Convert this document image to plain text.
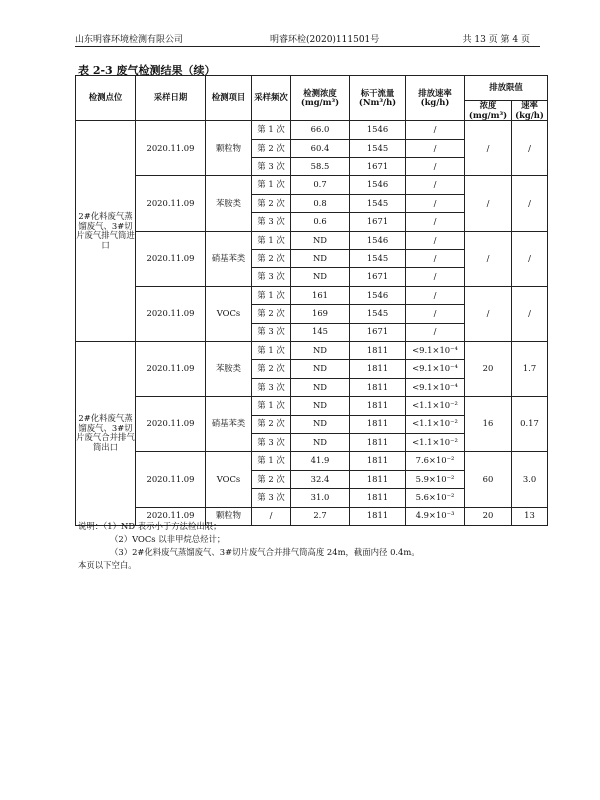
山东明睿环境检测有限公司	明睿环检(2020)111501号	共 13 页 第 4 页
表 2-3 废气检测结果（续）
检测点位	采样日期	检测项目	采样频次	检测浓度(mg/m³)	标干流量(Nm³/h)	排放速率(kg/h)	排放限值	
							浓度(mg/m³)	速率(kg/h)
2#化料废气蒸馏废气、3#切片废气排气筒进口	2020.11.09	颗粒物	第 1 次	66.0	1546	/	/	/
			第 2 次	60.4	1545	/		
			第 3 次	58.5	1671	/		
	2020.11.09	苯胺类	第 1 次	0.7	1546	/	/	/
			第 2 次	0.8	1545	/		
			第 3 次	0.6	1671	/		
	2020.11.09	硝基苯类	第 1 次	ND	1546	/	/	/
			第 2 次	ND	1545	/		
			第 3 次	ND	1671	/		
	2020.11.09	VOCs	第 1 次	161	1546	/	/	/
			第 2 次	169	1545	/		
			第 3 次	145	1671	/		
2#化料废气蒸馏废气、3#切片废气合并排气筒出口	2020.11.09	苯胺类	第 1 次	ND	1811	<9.1×10⁻⁴	20	1.7
			第 2 次	ND	1811	<9.1×10⁻⁴		
			第 3 次	ND	1811	<9.1×10⁻⁴		
	2020.11.09	硝基苯类	第 1 次	ND	1811	<1.1×10⁻²	16	0.17
			第 2 次	ND	1811	<1.1×10⁻²		
			第 3 次	ND	1811	<1.1×10⁻²		
	2020.11.09	VOCs	第 1 次	41.9	1811	7.6×10⁻²	60	3.0
			第 2 次	32.4	1811	5.9×10⁻²		
			第 3 次	31.0	1811	5.6×10⁻²		
	2020.11.09	颗粒物	/	2.7	1811	4.9×10⁻³	20	13
说明：（1）ND 表示小于方法检出限；
（2）VOCs 以非甲烷总烃计；
（3）2#化料废气蒸馏废气、3#切片废气合并排气筒高度 24m，截面内径 0.4m。
本页以下空白。
